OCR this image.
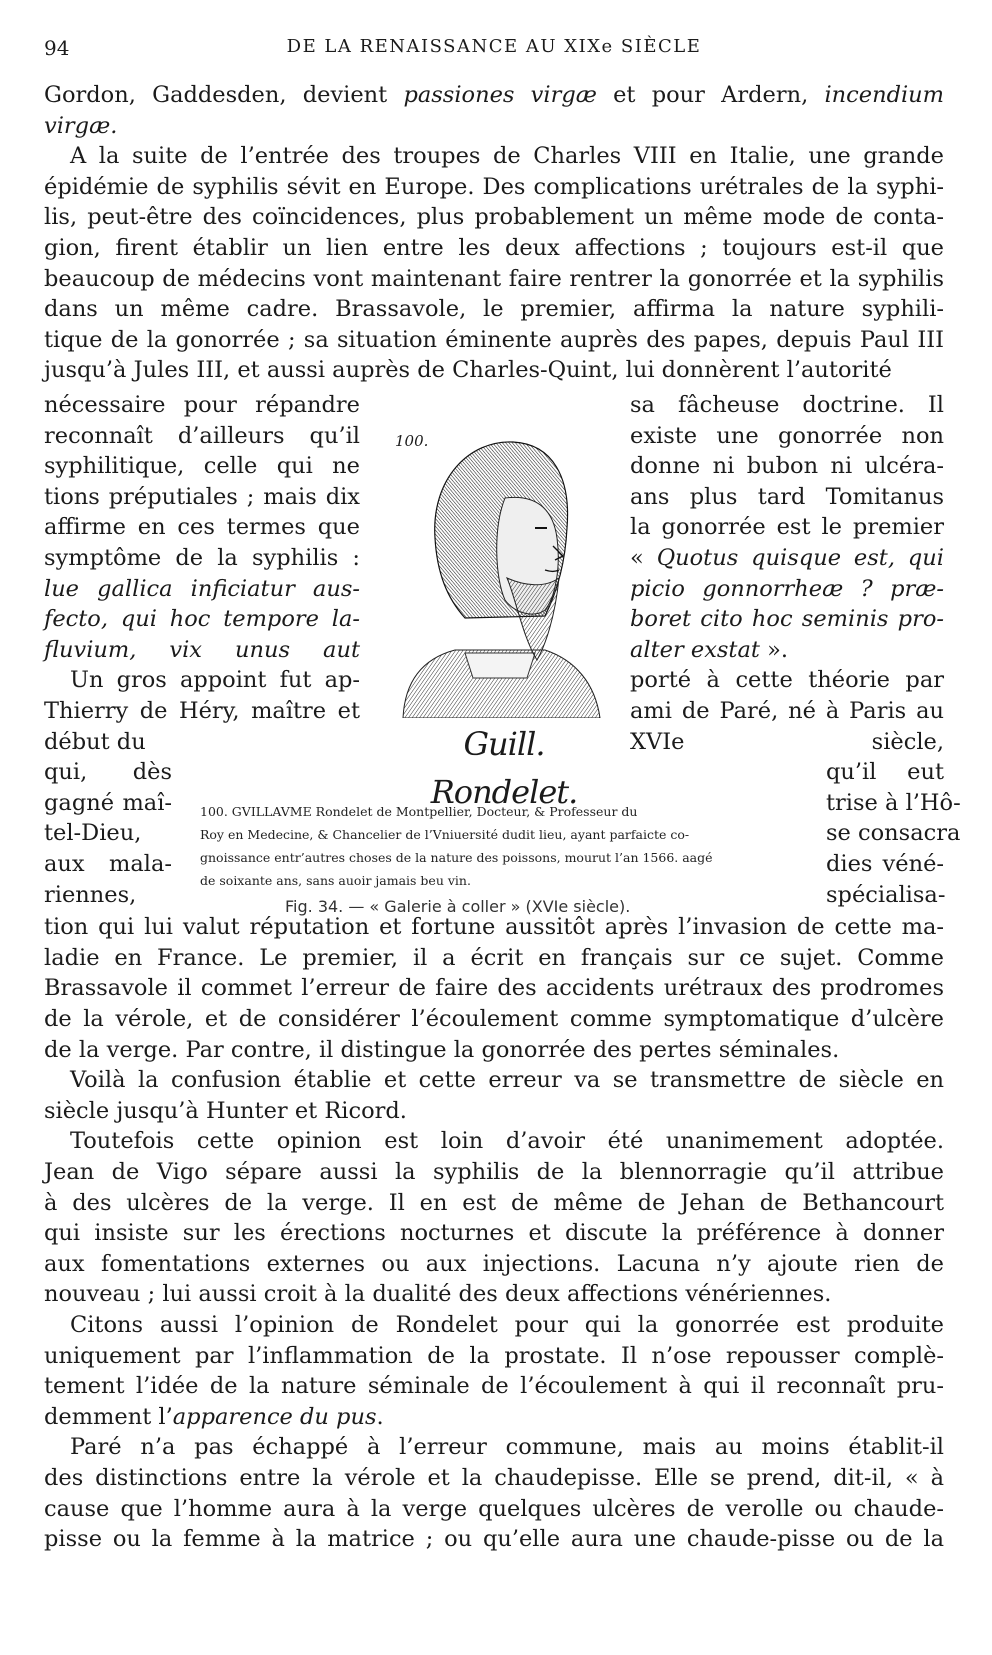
94	DE LA RENAISSANCE AU XIXe SIÈCLE
Gordon, Gaddesden, devient passiones virgæ et pour Ardern, incendium
virgæ.
A la suite de l’entrée des troupes de Charles VIII en Italie, une grande
épidémie de syphilis sévit en Europe. Des complications urétrales de la syphi-
lis, peut-être des coïncidences, plus probablement un même mode de conta-
gion, firent établir un lien entre les deux affections ; toujours est-il que
beaucoup de médecins vont maintenant faire rentrer la gonorrée et la syphilis
dans un même cadre. Brassavole, le premier, affirma la nature syphili-
tique de la gonorrée ; sa situation éminente auprès des papes, depuis Paul III
jusqu’à Jules III, et aussi auprès de Charles-Quint, lui donnèrent l’autorité
nécessaire pour répandre
reconnaît d’ailleurs qu’il
syphilitique, celle qui ne
tions préputiales ; mais dix
affirme en ces termes que
symptôme de la syphilis :
lue gallica inficiatur aus-
fecto, qui hoc tempore la-
fluvium, vix unus aut
Un gros appoint fut ap-
Thierry de Héry, maître et
début du
sa fâcheuse doctrine. Il
existe une gonorrée non
donne ni bubon ni ulcéra-
ans plus tard Tomitanus
la gonorrée est le premier
« Quotus quisque est, qui
picio gonnorrheæ ? præ-
boret cito hoc seminis pro-
alter exstat ».
porté à cette théorie par
ami de Paré, né à Paris au
XVIe siècle,
qui, dès
gagné maî-
tel-Dieu,
aux mala-
riennes,
qu’il eut
trise à l’Hô-
se consacra
dies véné-
spécialisa-
tion qui lui valut réputation et fortune aussitôt après l’invasion de cette ma-
ladie en France. Le premier, il a écrit en français sur ce sujet. Comme
Brassavole il commet l’erreur de faire des accidents urétraux des prodromes
de la vérole, et de considérer l’écoulement comme symptomatique d’ulcère
de la verge. Par contre, il distingue la gonorrée des pertes séminales.
Voilà la confusion établie et cette erreur va se transmettre de siècle en
siècle jusqu’à Hunter et Ricord.
Toutefois cette opinion est loin d’avoir été unanimement adoptée.
Jean de Vigo sépare aussi la syphilis de la blennorragie qu’il attribue
à des ulcères de la verge. Il en est de même de Jehan de Bethancourt
qui insiste sur les érections nocturnes et discute la préférence à donner
aux fomentations externes ou aux injections. Lacuna n’y ajoute rien de
nouveau ; lui aussi croit à la dualité des deux affections vénériennes.
Citons aussi l’opinion de Rondelet pour qui la gonorrée est produite
uniquement par l’inflammation de la prostate. Il n’ose repousser complè-
tement l’idée de la nature séminale de l’écoulement à qui il reconnaît pru-
demment l’apparence du pus.
Paré n’a pas échappé à l’erreur commune, mais au moins établit-il
des distinctions entre la vérole et la chaudepisse. Elle se prend, dit-il, « à
cause que l’homme aura à la verge quelques ulcères de verolle ou chaude-
pisse ou la femme à la matrice ; ou qu’elle aura une chaude-pisse ou de la
100.
Guill. Rondelet.
100. GVILLAVME Rondelet de Montpellier, Docteur, & Professeur du
Roy en Medecine, & Chancelier de l’Vniuersité dudit lieu, ayant parfaicte co-
gnoissance entr’autres choses de la nature des poissons, mourut l’an 1566. aagé
de soixante ans, sans auoir jamais beu vin.
Fig. 34. — « Galerie à coller » (XVIe siècle).
